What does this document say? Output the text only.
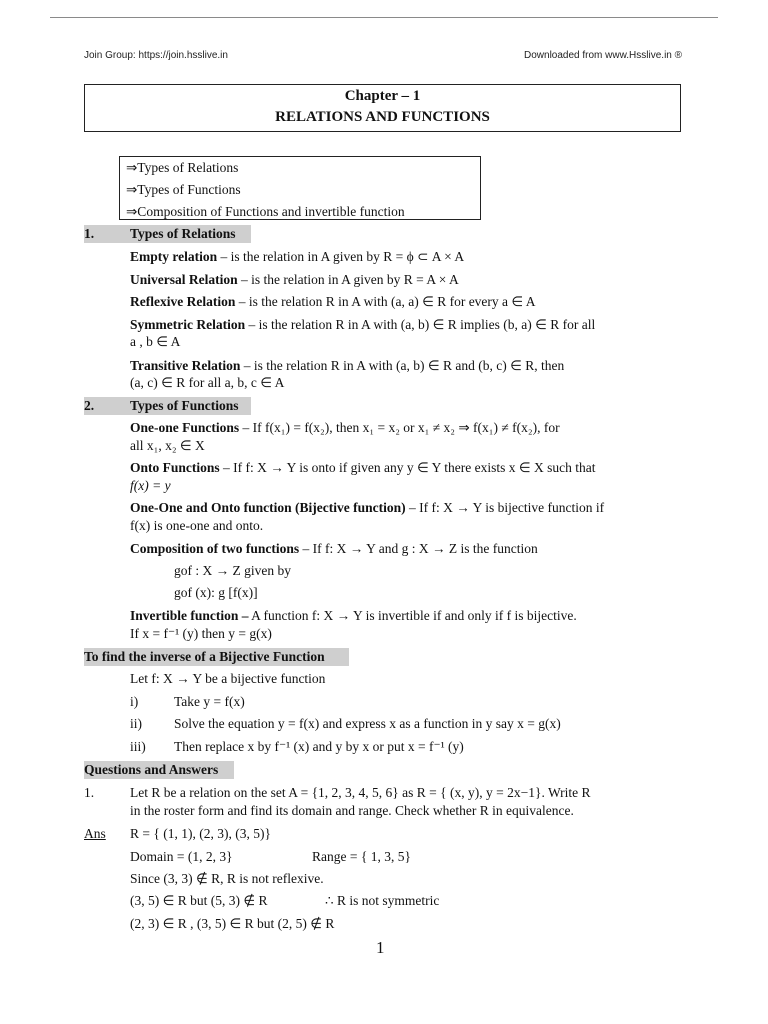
Join Group: https://join.hsslive.in	Downloaded from www.Hsslive.in ®
Chapter – 1
RELATIONS AND FUNCTIONS
⇒Types of Relations
⇒Types of Functions
⇒Composition of Functions and invertible function
1.	Types of Relations
Empty relation – is the relation in A given by R = ϕ ⊂ A × A
Universal Relation – is the relation in A given by R = A × A
Reflexive Relation – is the relation R in A with (a, a) ∈ R for every a ∈ A
Symmetric Relation – is the relation R in A with (a, b) ∈ R implies (b, a) ∈ R for all
a , b ∈ A
Transitive Relation – is the relation R in A with (a, b) ∈ R and (b, c) ∈ R, then
(a, c) ∈ R for all a, b, c ∈ A
2.	Types of Functions
One-one Functions – If f(x₁) = f(x₂), then x₁ = x₂ or x₁ ≠ x₂ ⇒ f(x₁) ≠ f(x₂), for
all x₁, x₂ ∈ X
Onto Functions – If f: X → Y is onto if given any y ∈ Y there exists x ∈ X such that
f(x) = y
One-One and Onto function (Bijective function) – If f: X → Y is bijective function if
f(x) is one-one and onto.
Composition of two functions – If f: X → Y and g : X → Z is the function
gof : X → Z given by
gof (x): g [f(x)]
Invertible function – A function f: X → Y is invertible if and only if f is bijective.
If x = f⁻¹ (y) then y = g(x)
To find the inverse of a Bijective Function
Let f: X → Y be a bijective function
i)	Take y = f(x)
ii) Solve the equation y = f(x) and express x as a function in y say x = g(x)
iii) Then replace x by f⁻¹ (x) and y by x or put x = f⁻¹ (y)
Questions and Answers
1.	Let R be a relation on the set A = {1, 2, 3, 4, 5, 6} as R = { (x, y), y = 2x−1}. Write R
in the roster form and find its domain and range. Check whether R in equivalence.
Ans R = { (1, 1), (2, 3), (3, 5)}
Domain = (1, 2, 3}	Range = { 1, 3, 5}
Since (3, 3) ∉ R, R is not reflexive.
(3, 5) ∈ R but (5, 3) ∉ R	∴ R is not symmetric
(2, 3) ∈ R , (3, 5) ∈ R but (2, 5) ∉ R
1
